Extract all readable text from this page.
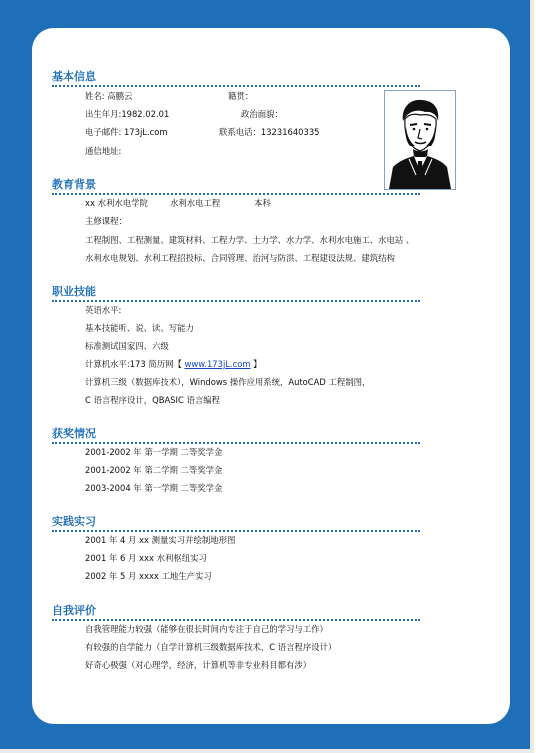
基本信息
姓名: 高鹏云	籍贯：
出生年月:1982.02.01	政治面貌：
电子邮件: 173jL.com	联系电话：13231640335
通信地址:
教育背景
xx 水利水电学院	水利水电工程	本科
主修课程：
工程制图、工程测量、建筑材料、工程力学、土力学、水力学、水利水电施工、水电站 、
水利水电规划、水利工程招投标、合同管理、治河与防洪、工程建设法规、建筑结构
职业技能
英语水平:
基本技能听、说、读、写能力
标准测试国家四、六级
计算机水平:173 简历网【 www.173jL.com 】
计算机三级（数据库技术），Windows 操作应用系统，AutoCAD 工程制图，
C 语言程序设计，QBASIC 语言编程
获奖情况
2001-2002 年 第一学期 二等奖学金
2001-2002 年 第二学期 二等奖学金
2003-2004 年 第一学期 二等奖学金
实践实习
2001 年 4 月 xx 测量实习并绘制地形图
2001 年 6 月 xxx 水利枢纽实习
2002 年 5 月 xxxx 工地生产实习
自我评价
自我管理能力较强（能够在很长时间内专注于自己的学习与工作）
有较强的自学能力（自学计算机三级数据库技术，C 语言程序设计）
好奇心极强（对心理学，经济，计算机等非专业科目都有涉）
